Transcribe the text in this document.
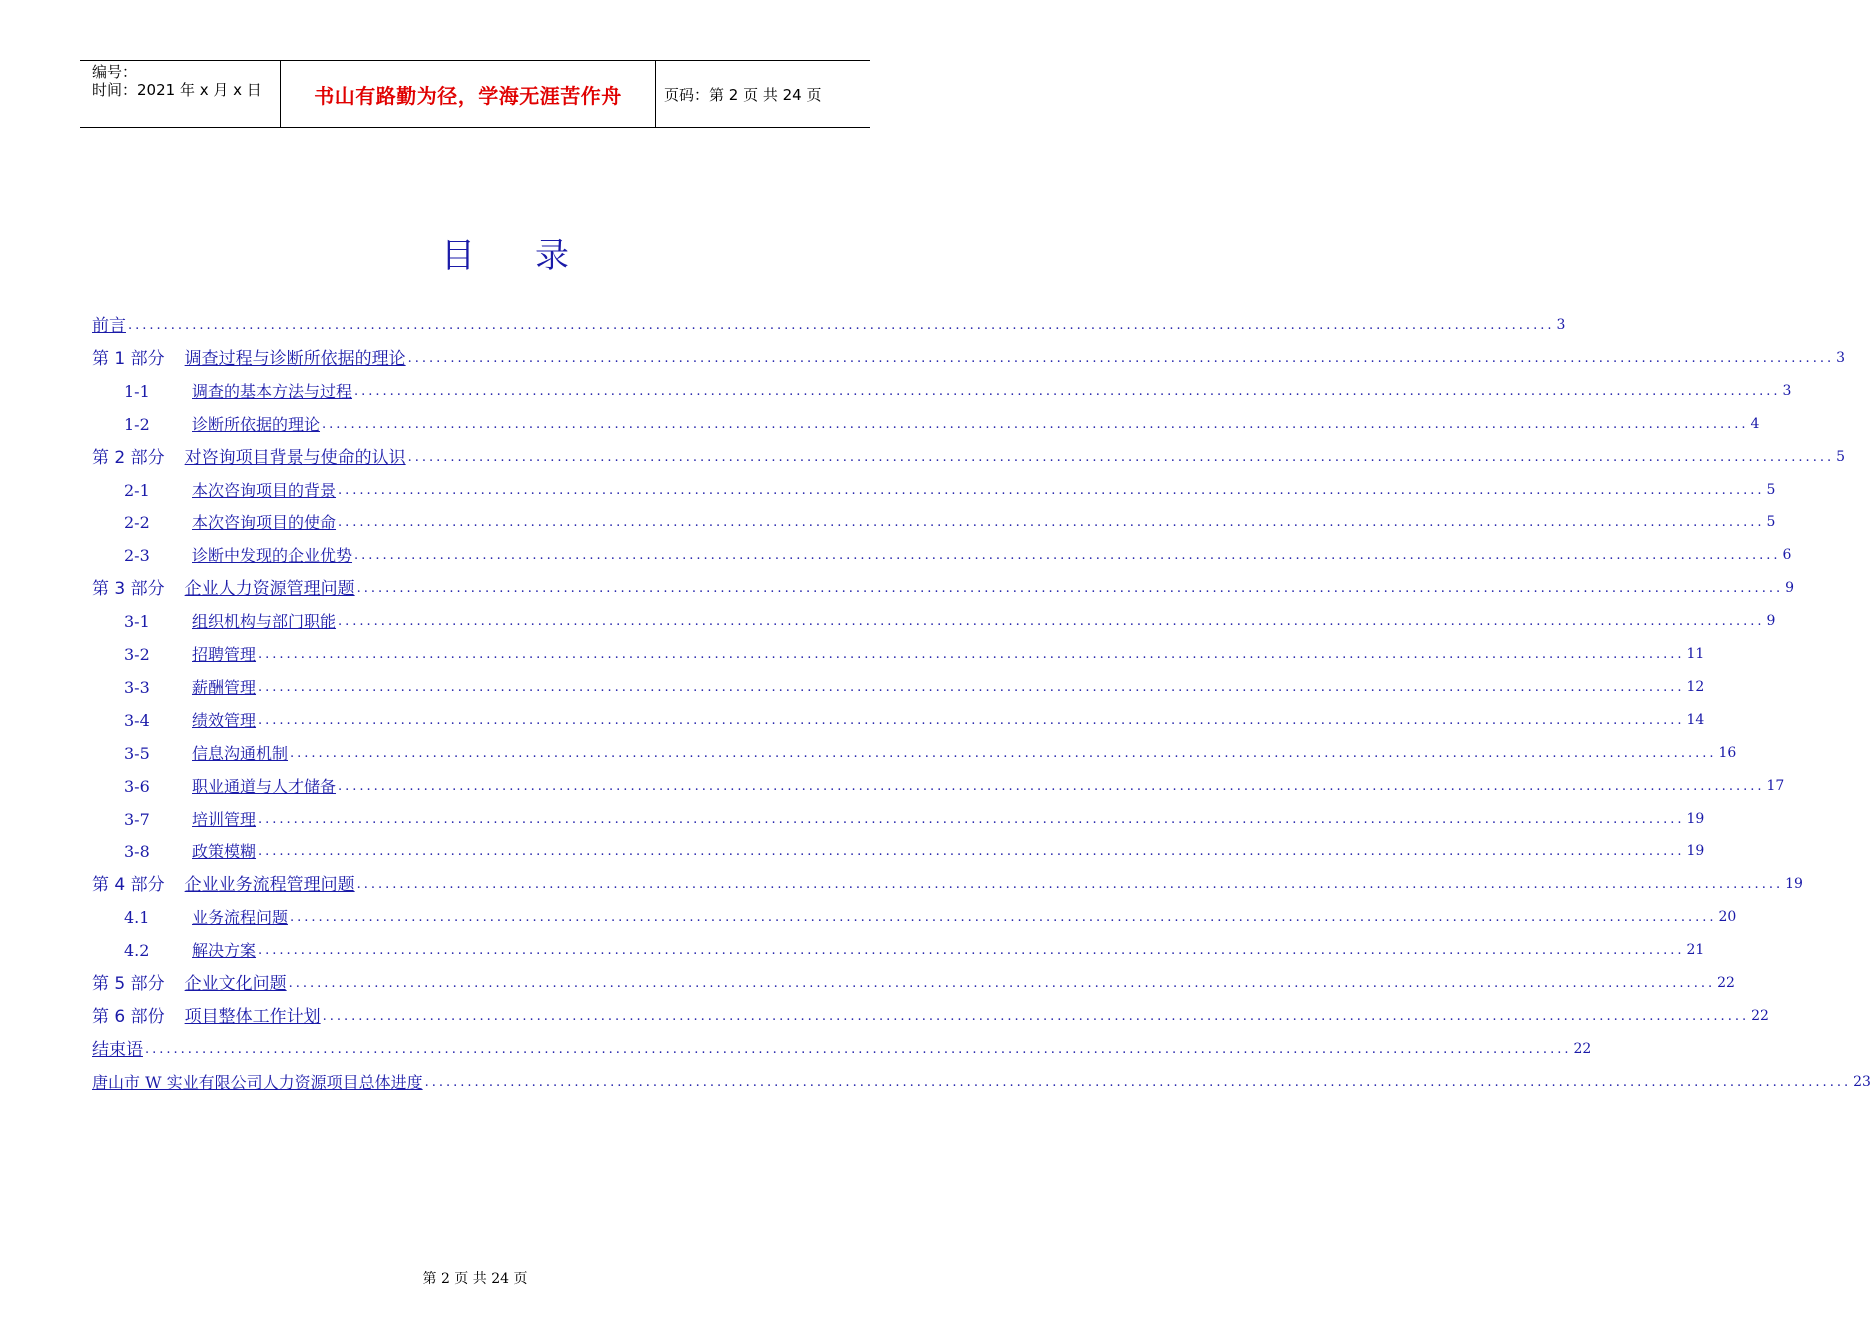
编号：
时间：2021 年 x 月 x 日	书山有路勤为径，学海无涯苦作舟	页码：第 2 页 共 24 页
目录
前言 ........................................................................................................................................................................................................ 3
第 1 部分 调查过程与诊断所依据的理论 ........................................................................................................................................................................................................ 3
1-1	调查的基本方法与过程 ........................................................................................................................................................................................................ 3
1-2	诊断所依据的理论 ........................................................................................................................................................................................................ 4
第 2 部分 对咨询项目背景与使命的认识 ........................................................................................................................................................................................................ 5
2-1	本次咨询项目的背景 ........................................................................................................................................................................................................ 5
2-2	本次咨询项目的使命 ........................................................................................................................................................................................................ 5
2-3	诊断中发现的企业优势 ........................................................................................................................................................................................................ 6
第 3 部分 企业人力资源管理问题 ........................................................................................................................................................................................................ 9
3-1	组织机构与部门职能 ........................................................................................................................................................................................................ 9
3-2	招聘管理 ........................................................................................................................................................................................................ 11
3-3	薪酬管理 ........................................................................................................................................................................................................ 12
3-4	绩效管理 ........................................................................................................................................................................................................ 14
3-5	信息沟通机制 ........................................................................................................................................................................................................ 16
3-6	职业通道与人才储备 ........................................................................................................................................................................................................ 17
3-7	培训管理 ........................................................................................................................................................................................................ 19
3-8	政策模糊 ........................................................................................................................................................................................................ 19
第 4 部分 企业业务流程管理问题 ........................................................................................................................................................................................................ 19
4.1	业务流程问题 ........................................................................................................................................................................................................ 20
4.2	解决方案 ........................................................................................................................................................................................................ 21
第 5 部分 企业文化问题 ........................................................................................................................................................................................................ 22
第 6 部份 项目整体工作计划 ........................................................................................................................................................................................................ 22
结束语 ........................................................................................................................................................................................................ 22
唐山市 W 实业有限公司人力资源项目总体进度 ........................................................................................................................................................................................................ 23
第 2 页 共 24 页
